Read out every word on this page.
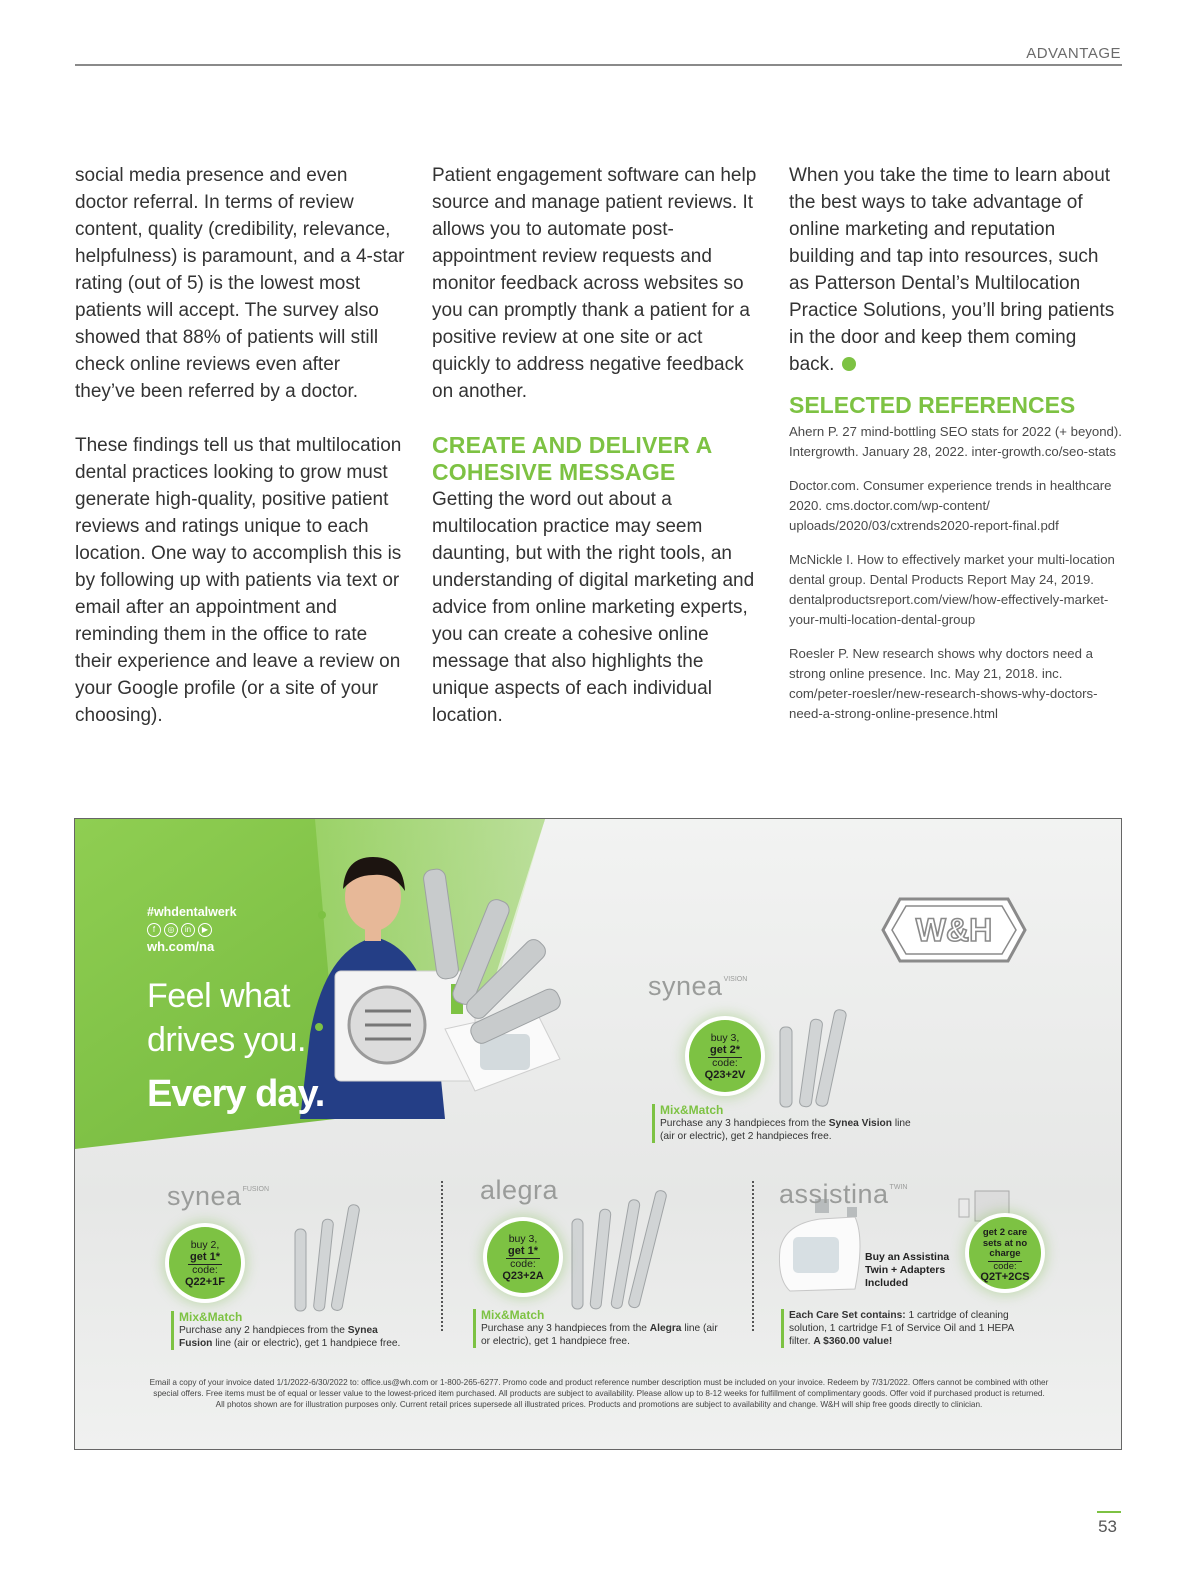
ADVANTAGE

social media presence and even doctor referral. In terms of review content, quality (credibility, relevance, helpfulness) is paramount, and a 4-star rating (out of 5) is the lowest most patients will accept. The survey also showed that 88% of patients will still check online reviews even after they’ve been referred by a doctor.

These findings tell us that multilocation dental practices looking to grow must generate high-quality, positive patient reviews and ratings unique to each location. One way to accomplish this is by following up with patients via text or email after an appointment and reminding them in the office to rate their experience and leave a review on your Google profile (or a site of your choosing).

Patient engagement software can help source and manage patient reviews. It allows you to automate post-appointment review requests and monitor feedback across websites so you can promptly thank a patient for a positive review at one site or act quickly to address negative feedback on another.

CREATE AND DELIVER A COHESIVE MESSAGE

Getting the word out about a multilocation practice may seem daunting, but with the right tools, an understanding of digital marketing and advice from online marketing experts, you can create a cohesive online message that also highlights the unique aspects of each individual location.

When you take the time to learn about the best ways to take advantage of online marketing and reputation building and tap into resources, such as Patterson Dental’s Multilocation Practice Solutions, you’ll bring patients in the door and keep them coming back.

SELECTED REFERENCES
Ahern P. 27 mind-bottling SEO stats for 2022 (+ beyond). Intergrowth. January 28, 2022. inter-growth.co/seo-stats
Doctor.com. Consumer experience trends in healthcare 2020. cms.doctor.com/wp-content/ uploads/2020/03/cxtrends2020-report-final.pdf
McNickle I. How to effectively market your multi-location dental group. Dental Products Report May 24, 2019. dentalproductsreport.com/view/how-effectively-market-your-multi-location-dental-group
Roesler P. New research shows why doctors need a strong online presence. Inc. May 21, 2018. inc. com/peter-roesler/new-research-shows-why-doctors-need-a-strong-online-presence.html
#whdentalwerk
f	◎	in	▶
wh.com/na
Feel what
drives you.
Every day.
W&H
synea$^{VISION}$
buy 3,
get 2*
code:
Q23+2V
Mix&Match
Purchase any 3 handpieces from the Synea Vision line (air or electric), get 2 handpieces free.
synea$^{FUSION}$
buy 2,
get 1*
code:
Q22+1F
Mix&Match
Purchase any 2 handpieces from the Synea Fusion line (air or electric), get 1 handpiece free.
alegra
buy 3,
get 1*
code:
Q23+2A
Mix&Match
Purchase any 3 handpieces from the Alegra line (air or electric), get 1 handpiece free.
assistina$^{TWIN}$
Buy an Assistina Twin + Adapters Included
get 2 care sets at no charge
code:
Q2T+2CS
Each Care Set contains: 1 cartridge of cleaning solution, 1 cartridge F1 of Service Oil and 1 HEPA filter. A $360.00 value!
Email a copy of your invoice dated 1/1/2022-6/30/2022 to: office.us@wh.com or 1-800-265-6277. Promo code and product reference number description must be included on your invoice. Redeem by 7/31/2022. Offers cannot be combined with other special offers. Free items must be of equal or lesser value to the lowest-priced item purchased. All products are subject to availability. Please allow up to 8-12 weeks for fulfillment of complimentary goods. Offer void if purchased product is returned. All photos shown are for illustration purposes only. Current retail prices supersede all illustrated prices. Products and promotions are subject to availability and change. W&H will ship free goods directly to clinician.
53
